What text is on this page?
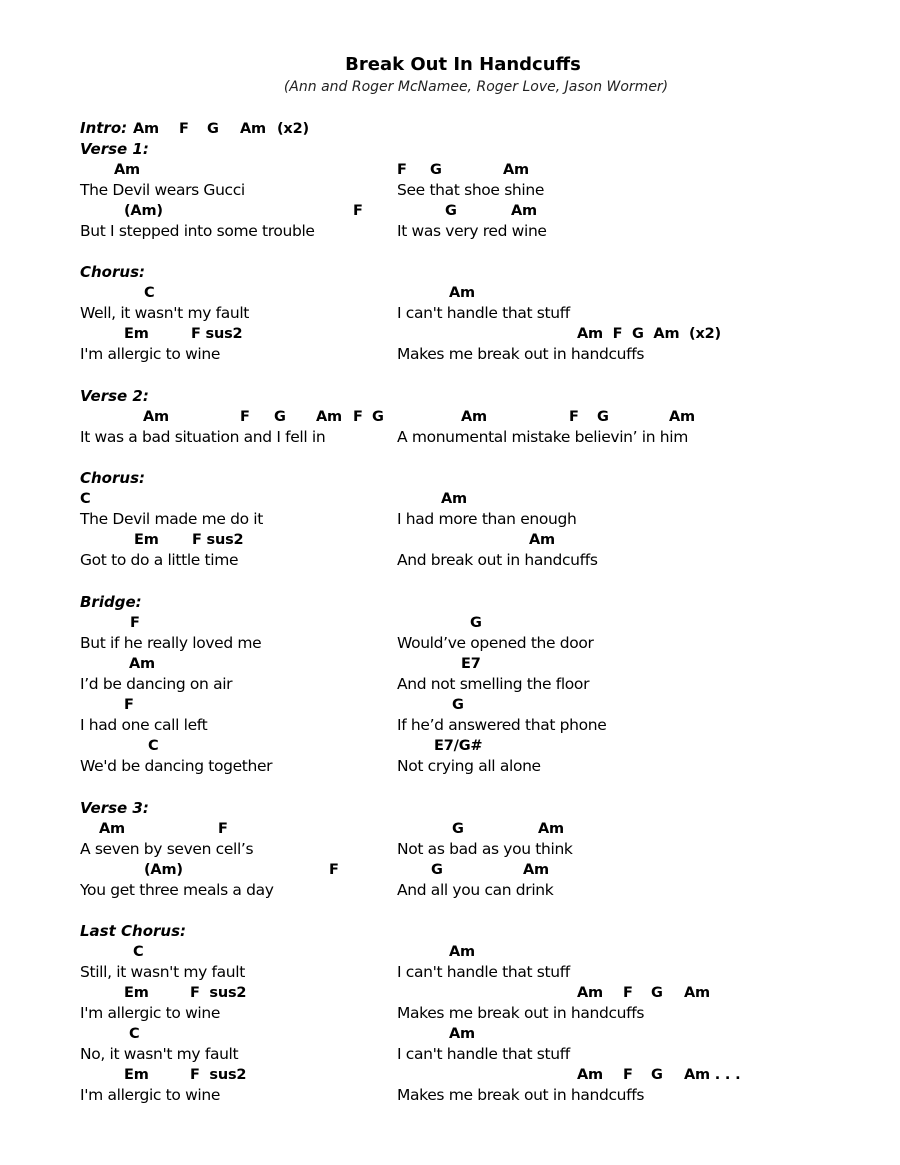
Break Out In Handcuffs
(Ann and Roger McNamee, Roger Love, Jason Wormer)
Intro: Am F G Am (x2)
Verse 1:
Am	F G	Am
The Devil wears Gucci	See that shoe shine
(Am)	F	G	Am
But I stepped into some trouble	It was very red wine
Chorus:
C	Am
Well, it wasn't my fault	I can't handle that stuff
Em	F sus2	Am  F  G  Am  (x2)
I'm allergic to wine	Makes me break out in handcuffs
Verse 2:
Am	F G Am F G	Am	F G	Am
It was a bad situation and I fell in	A monumental mistake believin’ in him
Chorus:
C	Am
The Devil made me do it	I had more than enough
Em F sus2	Am
Got to do a little time	And break out in handcuffs
Bridge:
F	G
But if he really loved me	Would’ve opened the door
Am	E7
I’d be dancing on air	And not smelling the floor
F	G
I had one call left	If he’d answered that phone
C	E7/G#
We'd be dancing together	Not crying all alone
Verse 3:
Am	F	G	Am
A seven by seven cell’s	Not as bad as you think
(Am)	F	G	Am
You get three meals a day	And all you can drink
Last Chorus:
C	Am
Still, it wasn't my fault	I can't handle that stuff
Em	F  sus2	Am F G Am
I'm allergic to wine	Makes me break out in handcuffs
C	Am
No, it wasn't my fault	I can't handle that stuff
Em	F  sus2	Am F G Am . . .
I'm allergic to wine	Makes me break out in handcuffs
